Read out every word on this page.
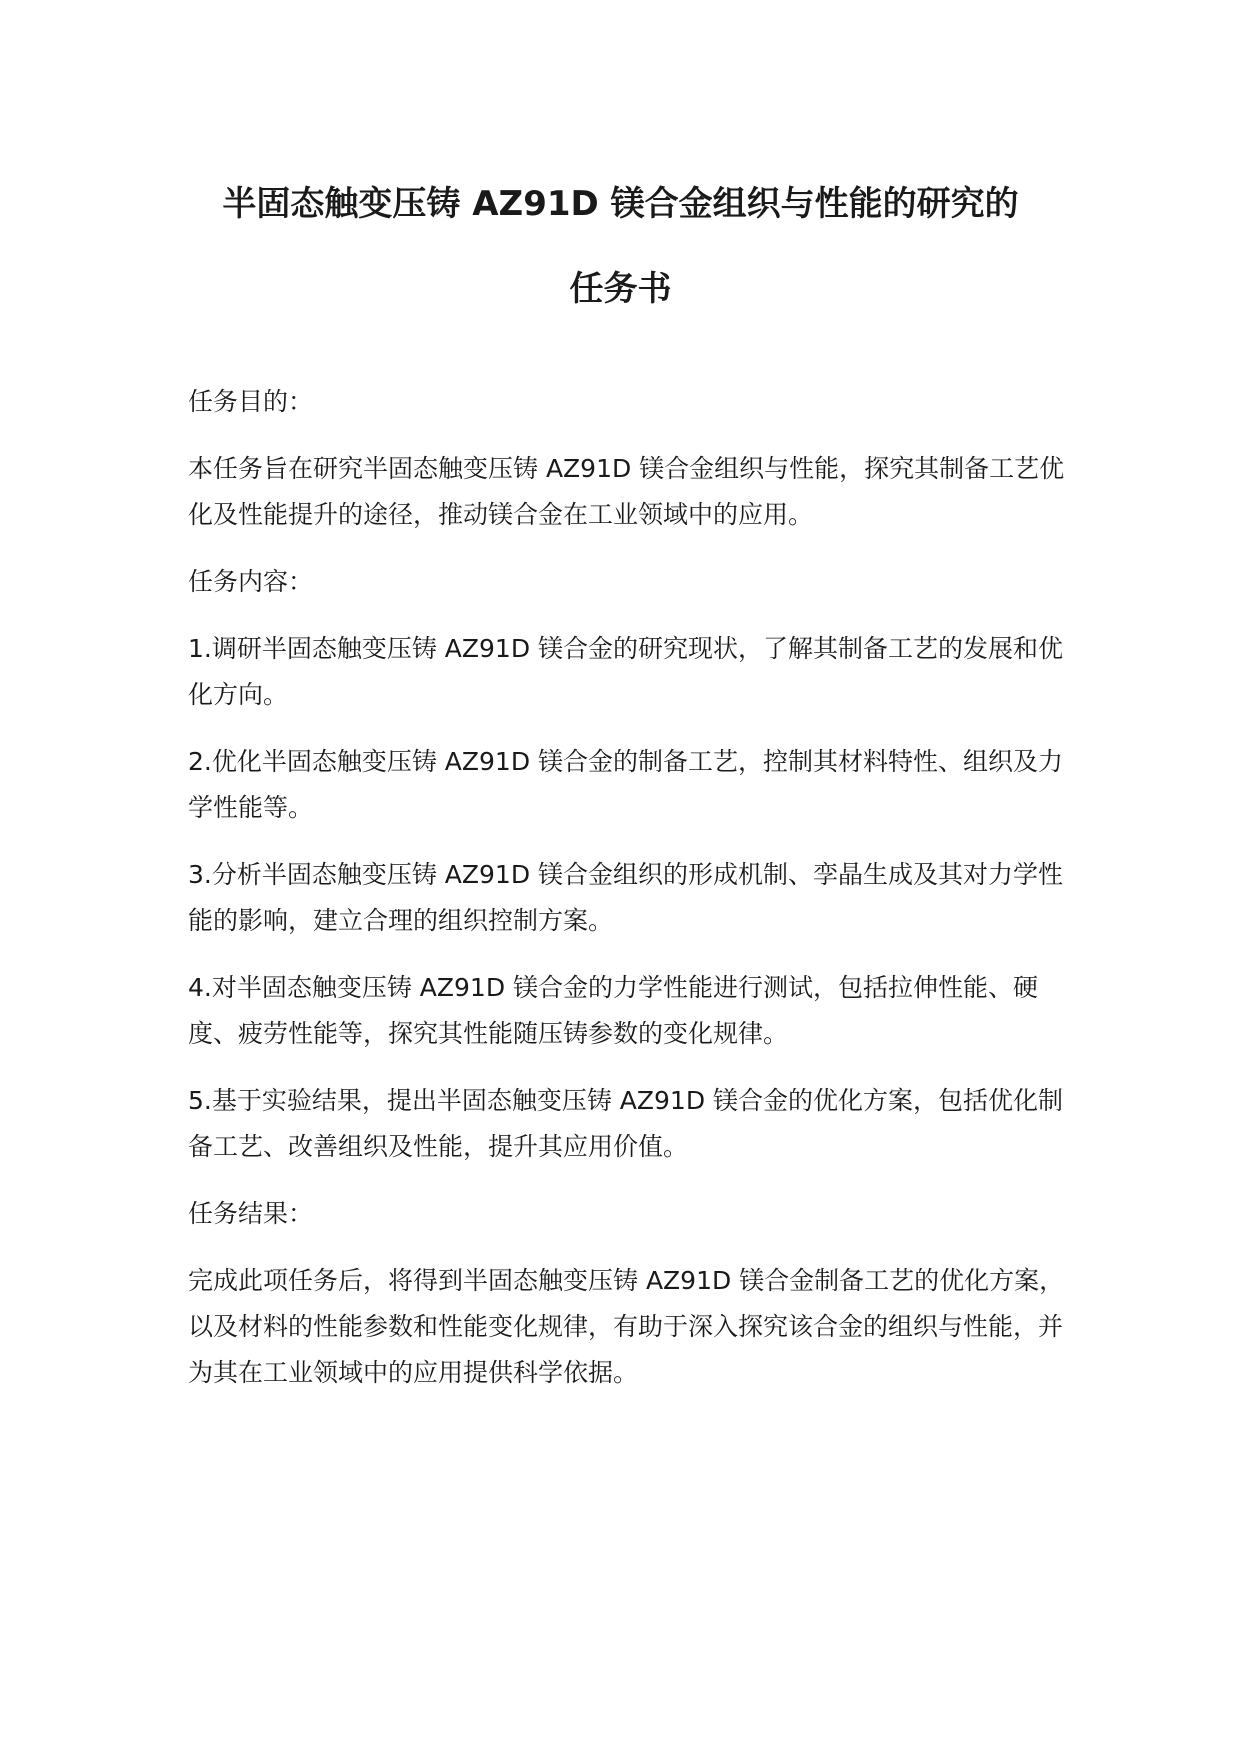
半固态触变压铸 AZ91D 镁合金组织与性能的研究的
任务书

任务目的：

本任务旨在研究半固态触变压铸 AZ91D 镁合金组织与性能，探究其制备工艺优化及性能提升的途径，推动镁合金在工业领域中的应用。

任务内容：

1.调研半固态触变压铸 AZ91D 镁合金的研究现状，了解其制备工艺的发展和优化方向。

2.优化半固态触变压铸 AZ91D 镁合金的制备工艺，控制其材料特性、组织及力学性能等。

3.分析半固态触变压铸 AZ91D 镁合金组织的形成机制、孪晶生成及其对力学性能的影响，建立合理的组织控制方案。

4.对半固态触变压铸 AZ91D 镁合金的力学性能进行测试，包括拉伸性能、硬度、疲劳性能等，探究其性能随压铸参数的变化规律。

5.基于实验结果，提出半固态触变压铸 AZ91D 镁合金的优化方案，包括优化制备工艺、改善组织及性能，提升其应用价值。

任务结果：

完成此项任务后，将得到半固态触变压铸 AZ91D 镁合金制备工艺的优化方案，以及材料的性能参数和性能变化规律，有助于深入探究该合金的组织与性能，并为其在工业领域中的应用提供科学依据。
